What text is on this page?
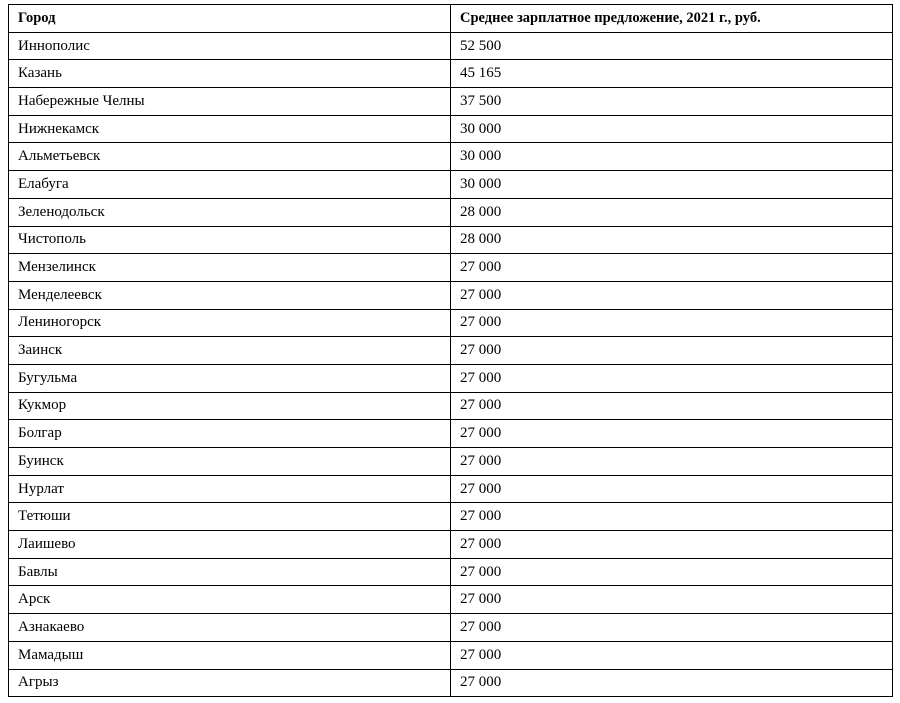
Город	Среднее зарплатное предложение, 2021 г., руб.
Иннополис	52 500
Казань	45 165
Набережные Челны	37 500
Нижнекамск	30 000
Альметьевск	30 000
Елабуга	30 000
Зеленодольск	28 000
Чистополь	28 000
Мензелинск	27 000
Менделеевск	27 000
Лениногорск	27 000
Заинск	27 000
Бугульма	27 000
Кукмор	27 000
Болгар	27 000
Буинск	27 000
Нурлат	27 000
Тетюши	27 000
Лаишево	27 000
Бавлы	27 000
Арск	27 000
Азнакаево	27 000
Мамадыш	27 000
Агрыз	27 000
